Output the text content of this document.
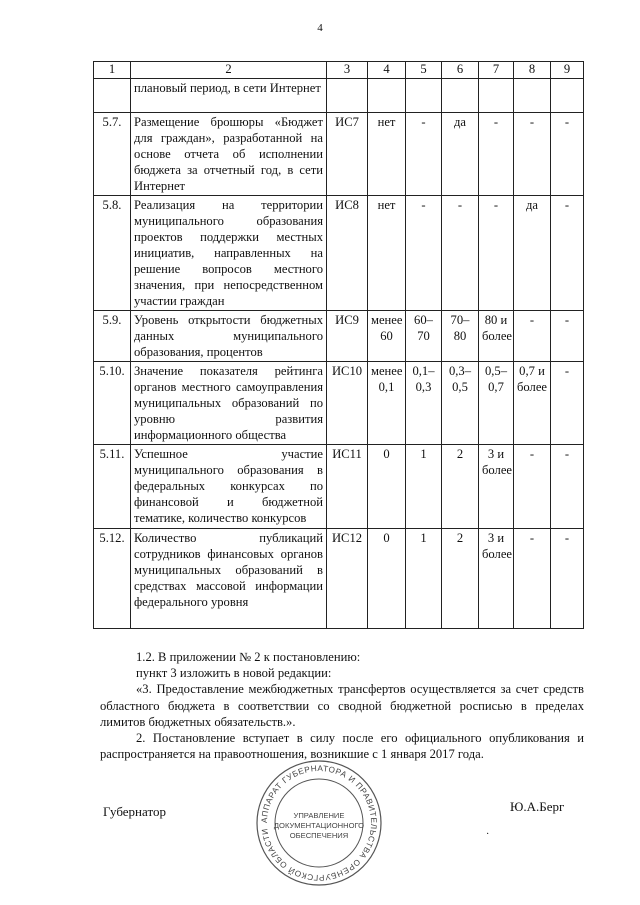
4
1	2	3	4	5	6	7	8	9
	плановый период, в сети Интернет							
5.7.	Размещение брошюры «Бюджет для граждан», разработанной на основе отчета об исполнении бюджета за отчетный год, в сети Интернет	ИС7	нет	-	да	-	-	-
5.8.	Реализация на территории муниципального образования проектов поддержки местных инициатив, направленных на решение вопросов местного значения, при непосредственном участии граждан	ИС8	нет	-	-	-	да	-
5.9.	Уровень открытости бюджетных данных муниципального образования, процентов	ИС9	менее 60	60–70	70–80	80 и более	-	-
5.10.	Значение показателя рейтинга органов местного самоуправления муниципальных образований по уровню развития информационного общества	ИС10	менее 0,1	0,1–0,3	0,3–0,5	0,5–0,7	0,7 и более	-
5.11.	Успешное участие муниципального образования в федеральных конкурсах по финансовой и бюджетной тематике, количество конкурсов	ИС11	0	1	2	3 и более	-	-
5.12.	Количество публикаций сотрудников финансовых органов муниципальных образований в средствах массовой информации федерального уровня	ИС12	0	1	2	3 и более	-	-

1.2. В приложении № 2 к постановлению:

пункт 3 изложить в новой редакции:

«3. Предоставление межбюджетных трансфертов осуществляется за счет средств областного бюджета в соответствии со сводной бюджетной росписью в пределах лимитов бюджетных обязательств.».

2. Постановление вступает в силу после его официального опубликования и распространяется на правоотношения, возникшие с 1 января 2017 года.

Губернатор
АППАРАТ ГУБЕРНАТОРА И ПРАВИТЕЛЬСТВА ОРЕНБУРГСКОЙ ОБЛАСТИ
УПРАВЛЕНИЕ
ДОКУМЕНТАЦИОННОГО
ОБЕСПЕЧЕНИЯ
Ю.А.Берг
·
